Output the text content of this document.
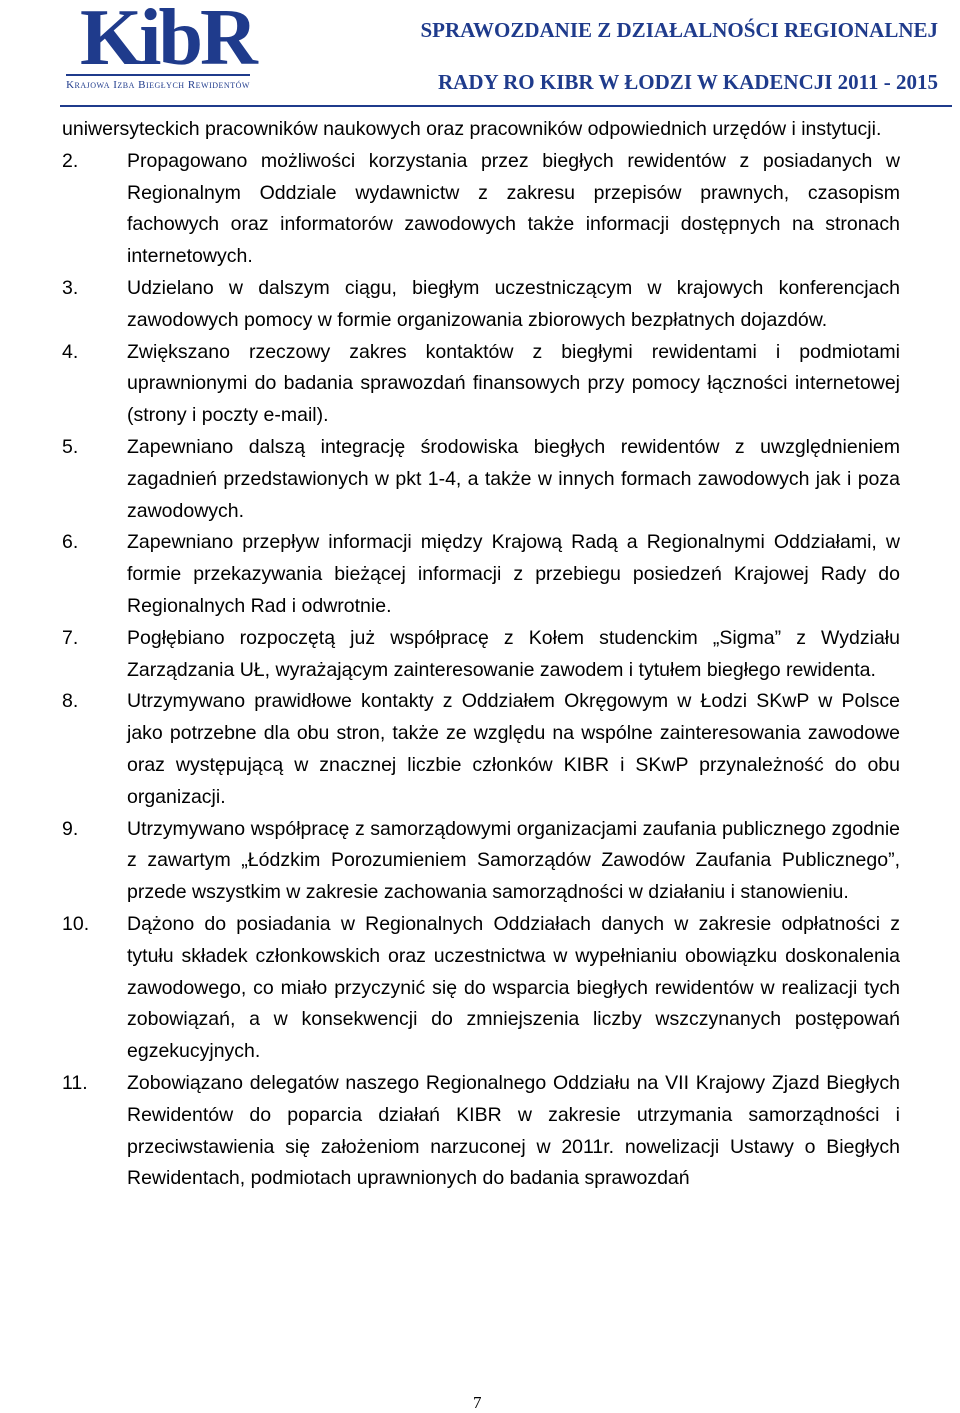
KibR
Krajowa Izba Biegłych Rewidentów
SPRAWOZDANIE Z DZIAŁALNOŚCI REGIONALNEJ
RADY RO KIBR W ŁODZI W KADENCJI 2011 - 2015

uniwersyteckich pracowników naukowych oraz pracowników odpowiednich urzędów i instytucji.

2.	Propagowano możliwości korzystania przez biegłych rewidentów z posiadanych w Regionalnym Oddziale wydawnictw z zakresu przepisów prawnych, czasopism fachowych oraz informatorów zawodowych także informacji dostępnych na stronach internetowych.
3.	Udzielano w dalszym ciągu, biegłym uczestniczącym w krajowych konferencjach zawodowych pomocy w formie organizowania zbiorowych bezpłatnych dojazdów.
4.	Zwiększano rzeczowy zakres kontaktów z biegłymi rewidentami i podmiotami uprawnionymi do badania sprawozdań finansowych przy pomocy łączności internetowej (strony i poczty e-mail).
5.	Zapewniano dalszą integrację środowiska biegłych rewidentów z uwzględnieniem zagadnień przedstawionych w pkt 1-4, a także w innych formach zawodowych jak i poza zawodowych.
6.	Zapewniano przepływ informacji między Krajową Radą a Regionalnymi Oddziałami, w formie przekazywania bieżącej informacji z przebiegu posiedzeń Krajowej Rady do Regionalnych Rad i odwrotnie.
7.	Pogłębiano rozpoczętą już współpracę z Kołem studenckim „Sigma” z Wydziału Zarządzania UŁ, wyrażającym zainteresowanie zawodem i tytułem biegłego rewidenta.
8.	Utrzymywano prawidłowe kontakty z Oddziałem Okręgowym w Łodzi SKwP w Polsce jako potrzebne dla obu stron, także ze względu na wspólne zainteresowania zawodowe oraz występującą w znacznej liczbie członków KIBR i SKwP przynależność do obu organizacji.
9.	Utrzymywano współpracę z samorządowymi organizacjami zaufania publicznego zgodnie z zawartym „Łódzkim Porozumieniem Samorządów Zawodów Zaufania Publicznego”, przede wszystkim w zakresie zachowania samorządności w działaniu i stanowieniu.
10.	Dążono do posiadania w Regionalnych Oddziałach danych w zakresie odpłatności z tytułu składek członkowskich oraz uczestnictwa w wypełnianiu obowiązku doskonalenia zawodowego, co miało przyczynić się do wsparcia biegłych rewidentów w realizacji tych zobowiązań, a w konsekwencji do zmniejszenia liczby wszczynanych postępowań egzekucyjnych.
11.	Zobowiązano delegatów naszego Regionalnego Oddziału na VII Krajowy Zjazd Biegłych Rewidentów do poparcia działań KIBR w zakresie utrzymania samorządności i przeciwstawienia się założeniom narzuconej w 2011r. nowelizacji Ustawy o Biegłych Rewidentach, podmiotach uprawnionych do badania sprawozdań
7
